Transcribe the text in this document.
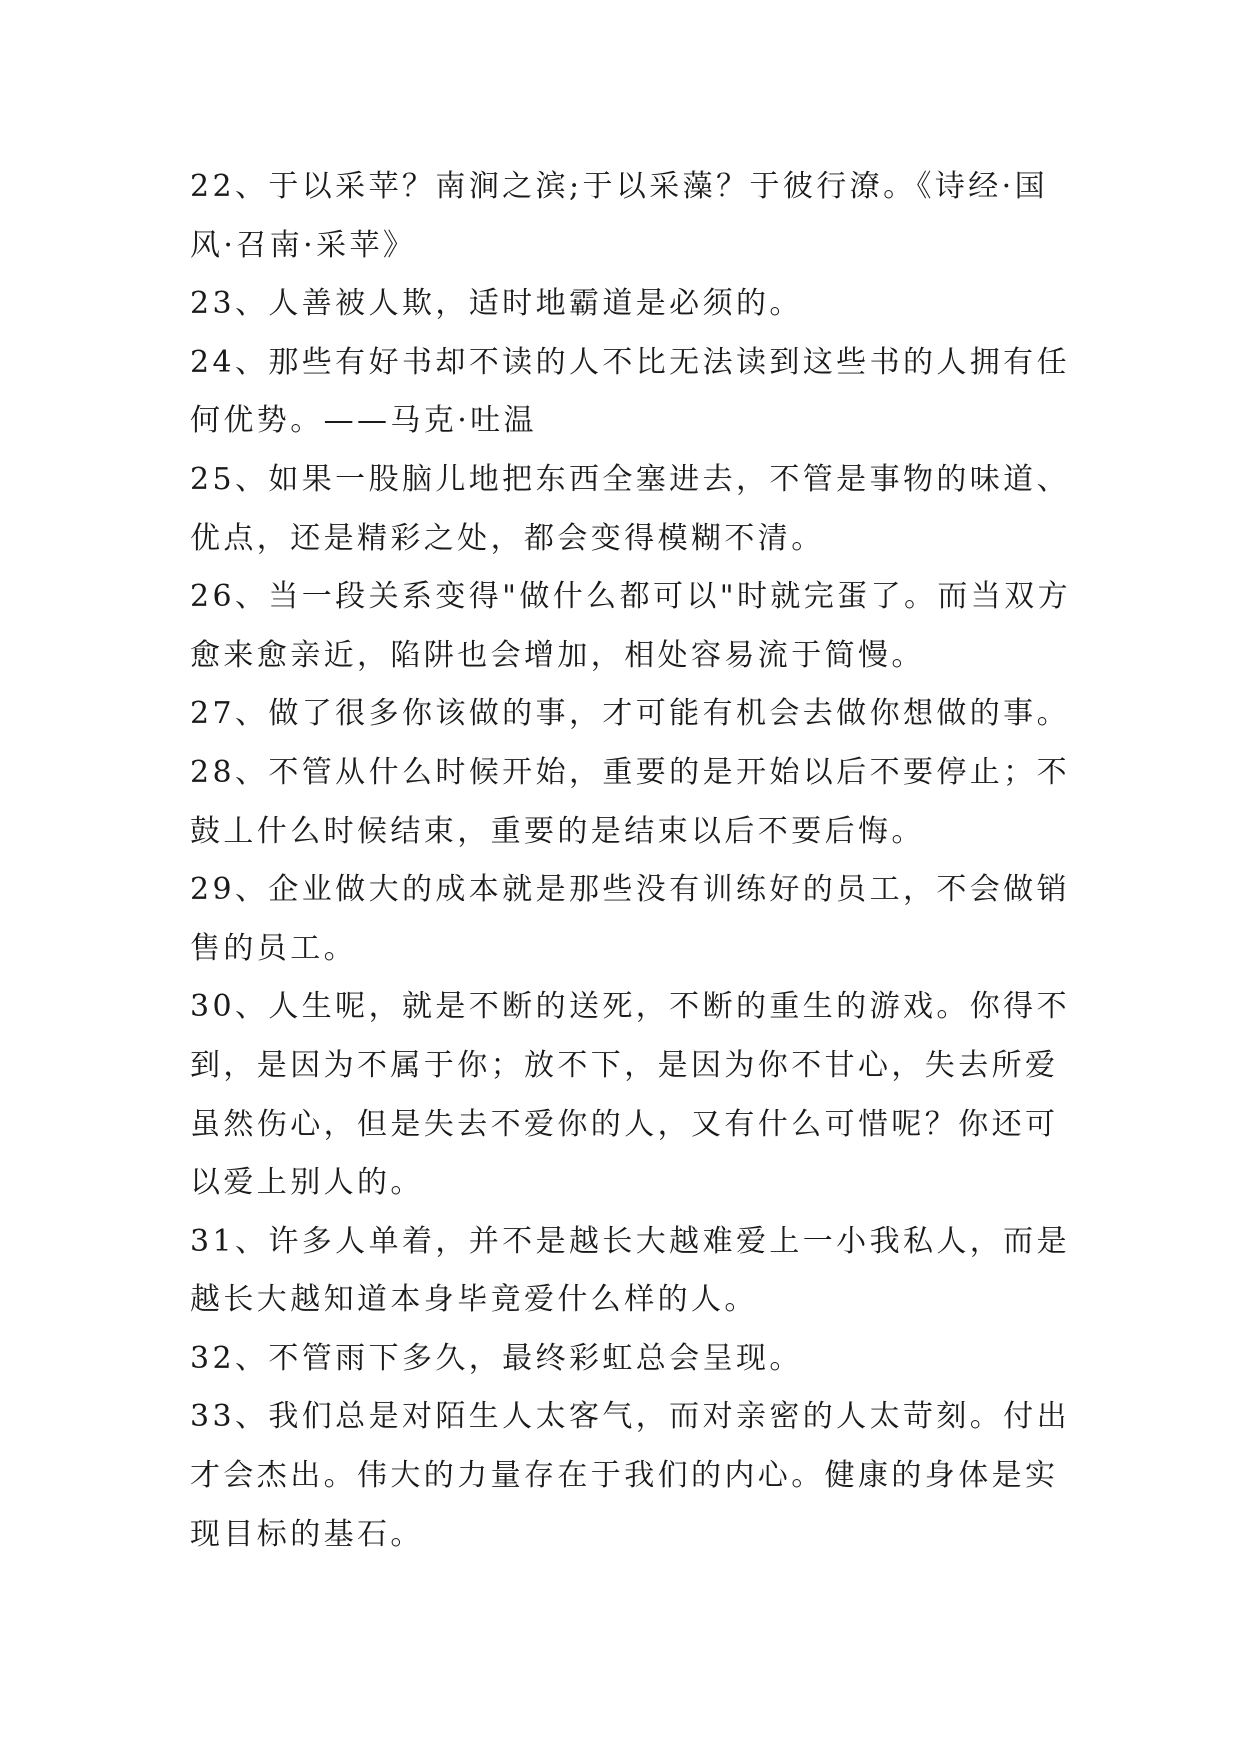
22、于以采苹？南涧之滨;于以采藻？于彼行潦。《诗经·国
风·召南·采苹》
23、人善被人欺，适时地霸道是必须的。
24、那些有好书却不读的人不比无法读到这些书的人拥有任
何优势。——马克·吐温
25、如果一股脑儿地把东西全塞进去，不管是事物的味道、
优点，还是精彩之处，都会变得模糊不清。
26、当一段关系变得"做什么都可以"时就完蛋了。而当双方
愈来愈亲近，陷阱也会增加，相处容易流于简慢。
27、做了很多你该做的事，才可能有机会去做你想做的事。
28、不管从什么时候开始，重要的是开始以后不要停止；不
鼓丄什么时候结束，重要的是结束以后不要后悔。
29、企业做大的成本就是那些没有训练好的员工，不会做销
售的员工。
30、人生呢，就是不断的送死，不断的重生的游戏。你得不
到，是因为不属于你；放不下，是因为你不甘心，失去所爱
虽然伤心，但是失去不爱你的人，又有什么可惜呢？你还可
以爱上别人的。
31、许多人单着，并不是越长大越难爱上一小我私人，而是
越长大越知道本身毕竟爱什么样的人。
32、不管雨下多久，最终彩虹总会呈现。
33、我们总是对陌生人太客气，而对亲密的人太苛刻。付出
才会杰出。伟大的力量存在于我们的内心。健康的身体是实
现目标的基石。
